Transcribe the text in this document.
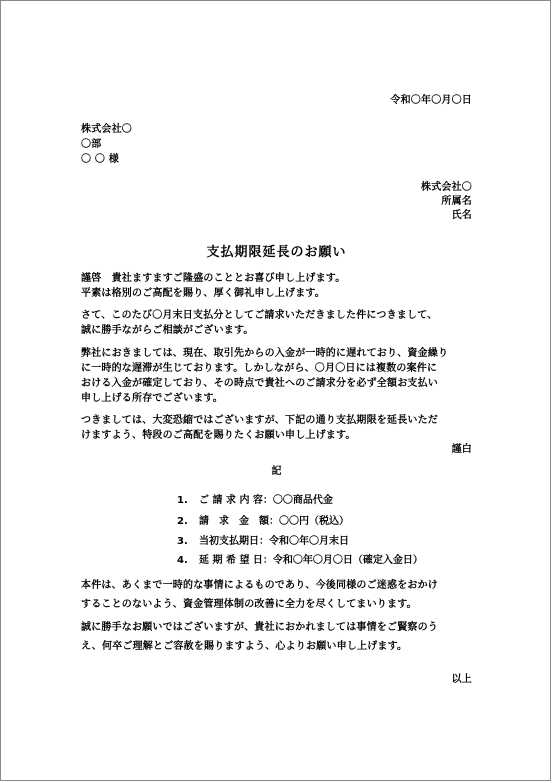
令和〇年〇月〇日
株式会社〇
〇部
〇 〇 様
株式会社〇
所属名
氏名
支払期限延長のお願い
謹啓　貴社ますますご隆盛のこととお喜び申し上げます。
平素は格別のご高配を賜り、厚く御礼申し上げます。
さて、このたび〇月末日支払分としてご請求いただきました件につきまして、
誠に勝手ながらご相談がございます。
弊社におきましては、現在、取引先からの入金が一時的に遅れており、資金繰り
に一時的な遅滞が生じております。しかしながら、〇月〇日には複数の案件に
おける入金が確定しており、その時点で貴社へのご請求分を必ず全額お支払い
申し上げる所存でございます。
つきましては、大変恐縮ではございますが、下記の通り支払期限を延長いただ
けますよう、特段のご高配を賜りたくお願い申し上げます。
謹白
記
1. ご 請 求 内 容：〇〇商品代金
2. 請　求　金　額：〇〇円（税込）
3. 当初支払期日：令和〇年〇月末日
4. 延 期 希 望 日：令和〇年〇月〇日（確定入金日）
本件は、あくまで一時的な事情によるものであり、今後同様のご迷惑をおかけ
することのないよう、資金管理体制の改善に全力を尽くしてまいります。
誠に勝手なお願いではございますが、貴社におかれましては事情をご賢察のう
え、何卒ご理解とご容赦を賜りますよう、心よりお願い申し上げます。
以上
